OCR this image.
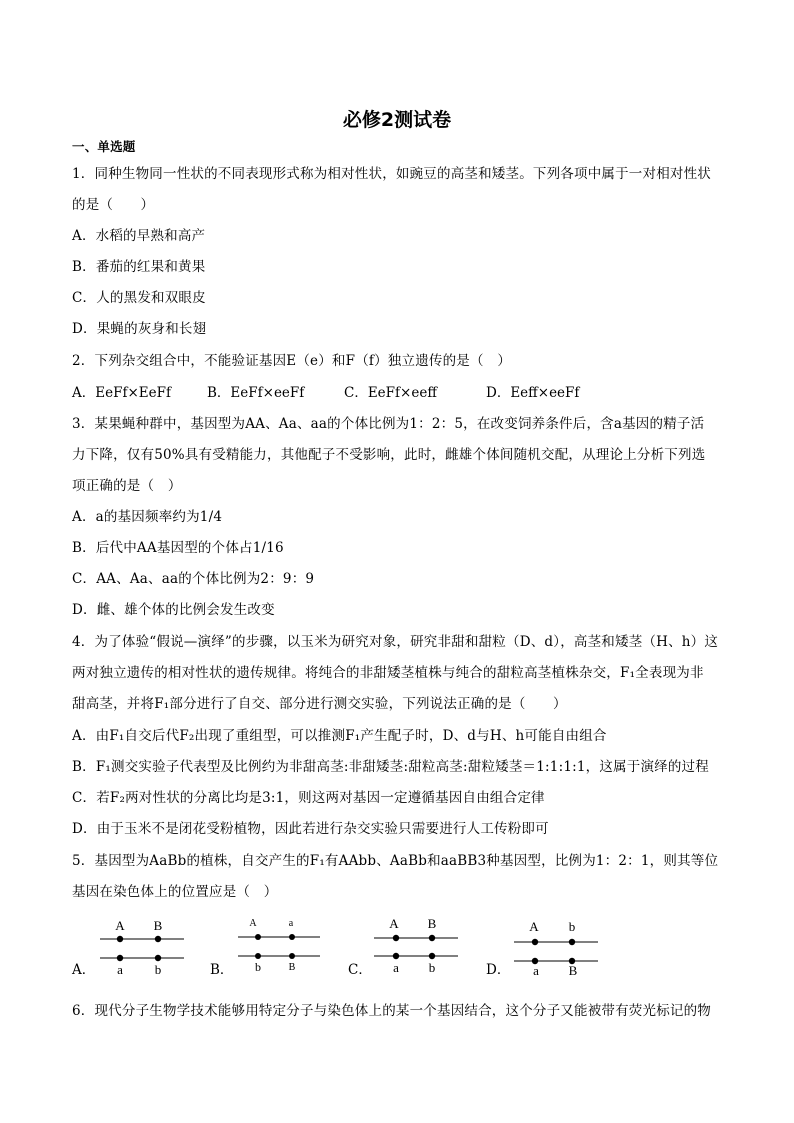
必修2测试卷
一、单选题
1．同种生物同一性状的不同表现形式称为相对性状，如豌豆的高茎和矮茎。下列各项中属于一对相对性状
的是（　　）
A．水稻的早熟和高产
B．番茄的红果和黄果
C．人的黑发和双眼皮
D．果蝇的灰身和长翅
2．下列杂交组合中，不能验证基因E（e）和F（f）独立遗传的是（　）
A．EeFf×EeFf	B．EeFf×eeFf	C．EeFf×eeff	D．Eeff×eeFf
3．某果蝇种群中，基因型为AA、Aa、aa的个体比例为1：2：5，在改变饲养条件后，含a基因的精子活
力下降，仅有50%具有受精能力，其他配子不受影响，此时，雌雄个体间随机交配，从理论上分析下列选
项正确的是（　）
A．a的基因频率约为1/4
B．后代中AA基因型的个体占1/16
C．AA、Aa、aa的个体比例为2：9：9
D．雌、雄个体的比例会发生改变
4．为了体验“假说—演绎”的步骤，以玉米为研究对象，研究非甜和甜粒（D、d），高茎和矮茎（H、h）这
两对独立遗传的相对性状的遗传规律。将纯合的非甜矮茎植株与纯合的甜粒高茎植株杂交，F₁全表现为非
甜高茎，并将F₁部分进行了自交、部分进行测交实验，下列说法正确的是（　　）
A．由F₁自交后代F₂出现了重组型，可以推测F₁产生配子时，D、d与H、h可能自由组合
B．F₁测交实验子代表型及比例约为非甜高茎:非甜矮茎:甜粒高茎:甜粒矮茎＝1:1:1:1，这属于演绎的过程
C．若F₂两对性状的分离比均是3:1，则这两对基因一定遵循基因自由组合定律
D．由于玉米不是闭花受粉植物，因此若进行杂交实验只需要进行人工传粉即可
5．基因型为AaBb的植株，自交产生的F₁有AAbb、AaBb和aaBB3种基因型，比例为1：2：1，则其等位
基因在染色体上的位置应是（　）
A．
A B
a b	B．
A	a
b	B	C．
A B
a b	D．
A b
a B
6．现代分子生物学技术能够用特定分子与染色体上的某一个基因结合，这个分子又能被带有荧光标记的物
